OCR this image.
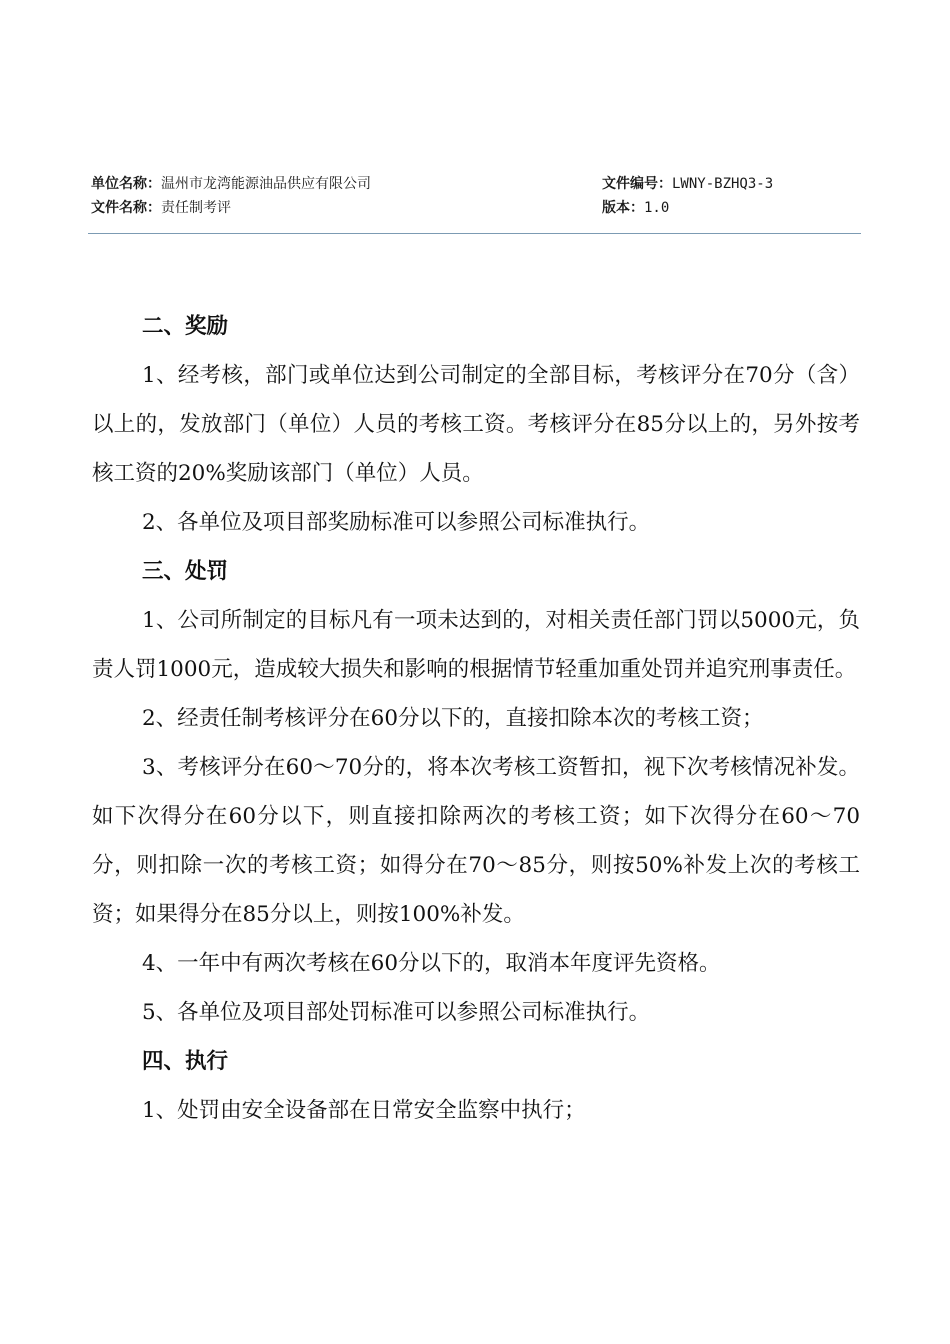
单位名称：温州市龙湾能源油品供应有限公司	文件编号：LWNY-BZHQ3-3
文件名称：责任制考评	版本：1.0
二、奖励
1、经考核，部门或单位达到公司制定的全部目标，考核评分在70分（含）以上的，发放部门（单位）人员的考核工资。考核评分在85分以上的，另外按考核工资的20%奖励该部门（单位）人员。
2、各单位及项目部奖励标准可以参照公司标准执行。
三、处罚
1、公司所制定的目标凡有一项未达到的，对相关责任部门罚以5000元，负责人罚1000元，造成较大损失和影响的根据情节轻重加重处罚并追究刑事责任。
2、经责任制考核评分在60分以下的，直接扣除本次的考核工资；
3、考核评分在60～70分的，将本次考核工资暂扣，视下次考核情况补发。如下次得分在60分以下，则直接扣除两次的考核工资；如下次得分在60～70分，则扣除一次的考核工资；如得分在70～85分，则按50%补发上次的考核工资；如果得分在85分以上，则按100%补发。
4、一年中有两次考核在60分以下的，取消本年度评先资格。
5、各单位及项目部处罚标准可以参照公司标准执行。
四、执行
1、处罚由安全设备部在日常安全监察中执行；
